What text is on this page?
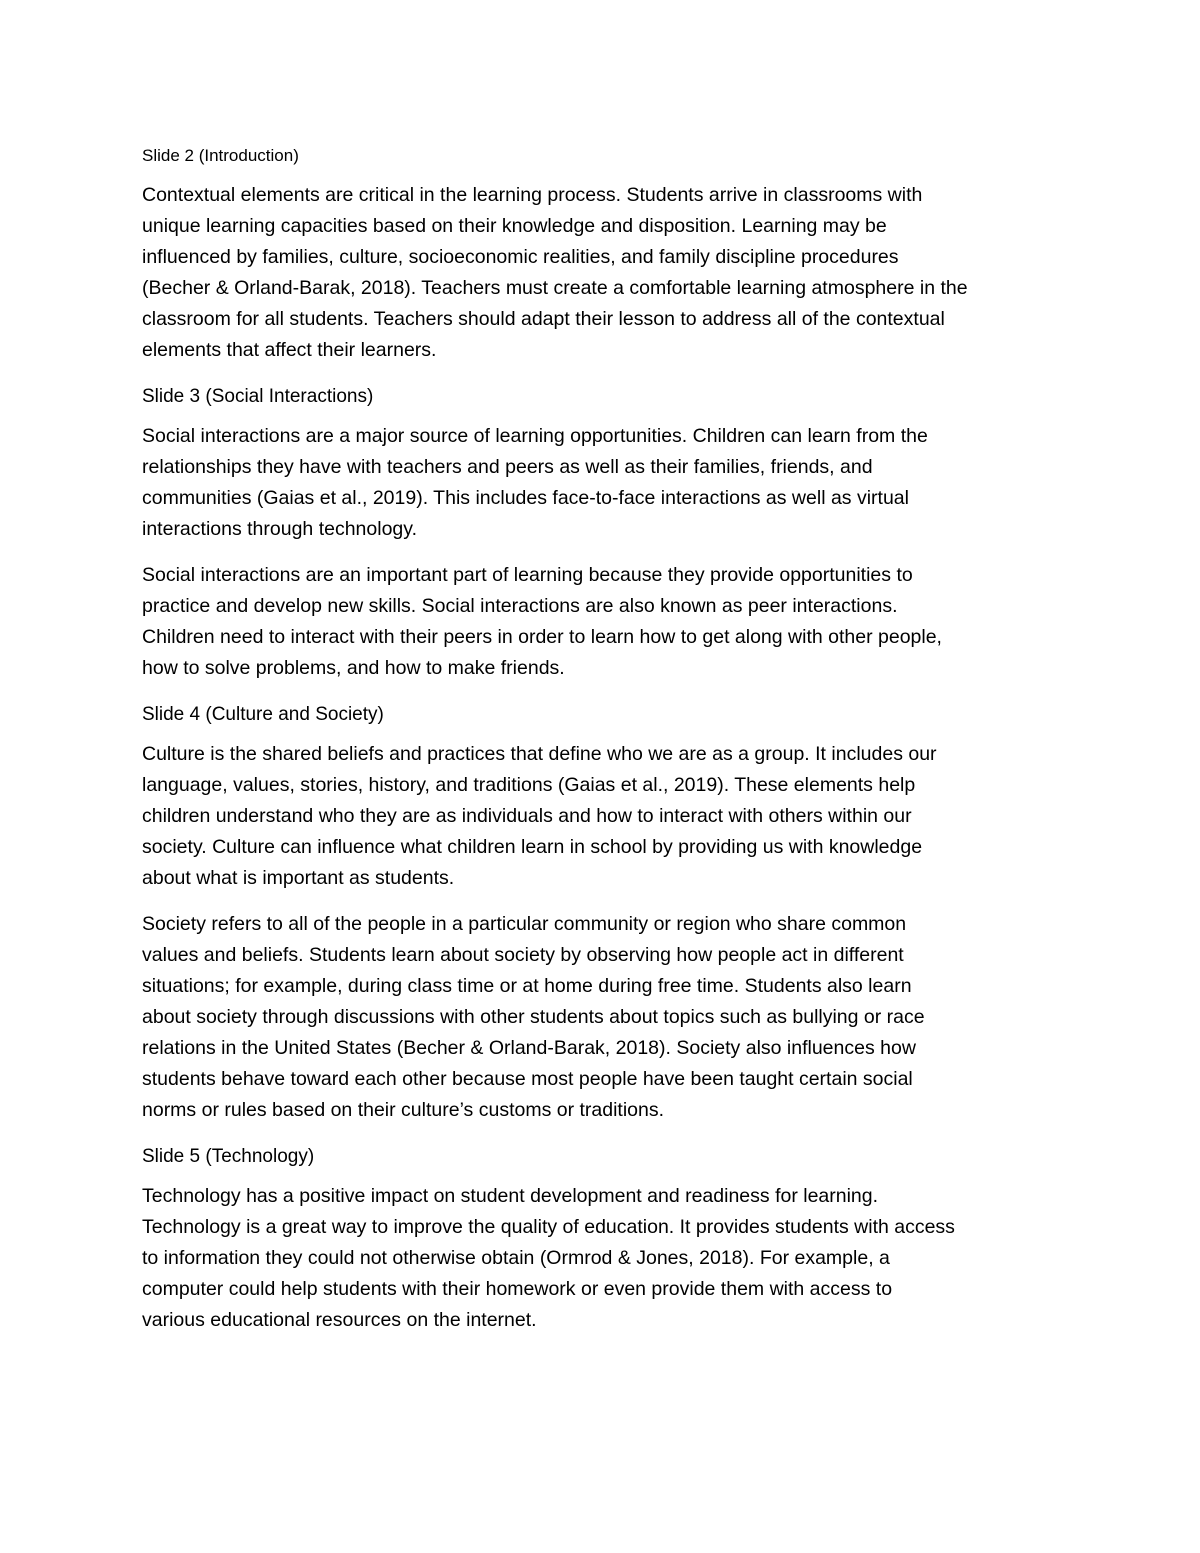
Slide 2 (Introduction)

Contextual elements are critical in the learning process. Students arrive in classrooms with
unique learning capacities based on their knowledge and disposition. Learning may be
influenced by families, culture, socioeconomic realities, and family discipline procedures
(Becher & Orland-Barak, 2018). Teachers must create a comfortable learning atmosphere in the
classroom for all students. Teachers should adapt their lesson to address all of the contextual
elements that affect their learners.

Slide 3 (Social Interactions)

Social interactions are a major source of learning opportunities. Children can learn from the
relationships they have with teachers and peers as well as their families, friends, and
communities (Gaias et al., 2019). This includes face-to-face interactions as well as virtual
interactions through technology.

Social interactions are an important part of learning because they provide opportunities to
practice and develop new skills. Social interactions are also known as peer interactions.
Children need to interact with their peers in order to learn how to get along with other people,
how to solve problems, and how to make friends.

Slide 4 (Culture and Society)

Culture is the shared beliefs and practices that define who we are as a group. It includes our
language, values, stories, history, and traditions (Gaias et al., 2019). These elements help
children understand who they are as individuals and how to interact with others within our
society. Culture can influence what children learn in school by providing us with knowledge
about what is important as students.

Society refers to all of the people in a particular community or region who share common
values and beliefs. Students learn about society by observing how people act in different
situations; for example, during class time or at home during free time. Students also learn
about society through discussions with other students about topics such as bullying or race
relations in the United States (Becher & Orland-Barak, 2018). Society also influences how
students behave toward each other because most people have been taught certain social
norms or rules based on their culture’s customs or traditions.

Slide 5 (Technology)

Technology has a positive impact on student development and readiness for learning.
Technology is a great way to improve the quality of education. It provides students with access
to information they could not otherwise obtain (Ormrod & Jones, 2018). For example, a
computer could help students with their homework or even provide them with access to
various educational resources on the internet.
